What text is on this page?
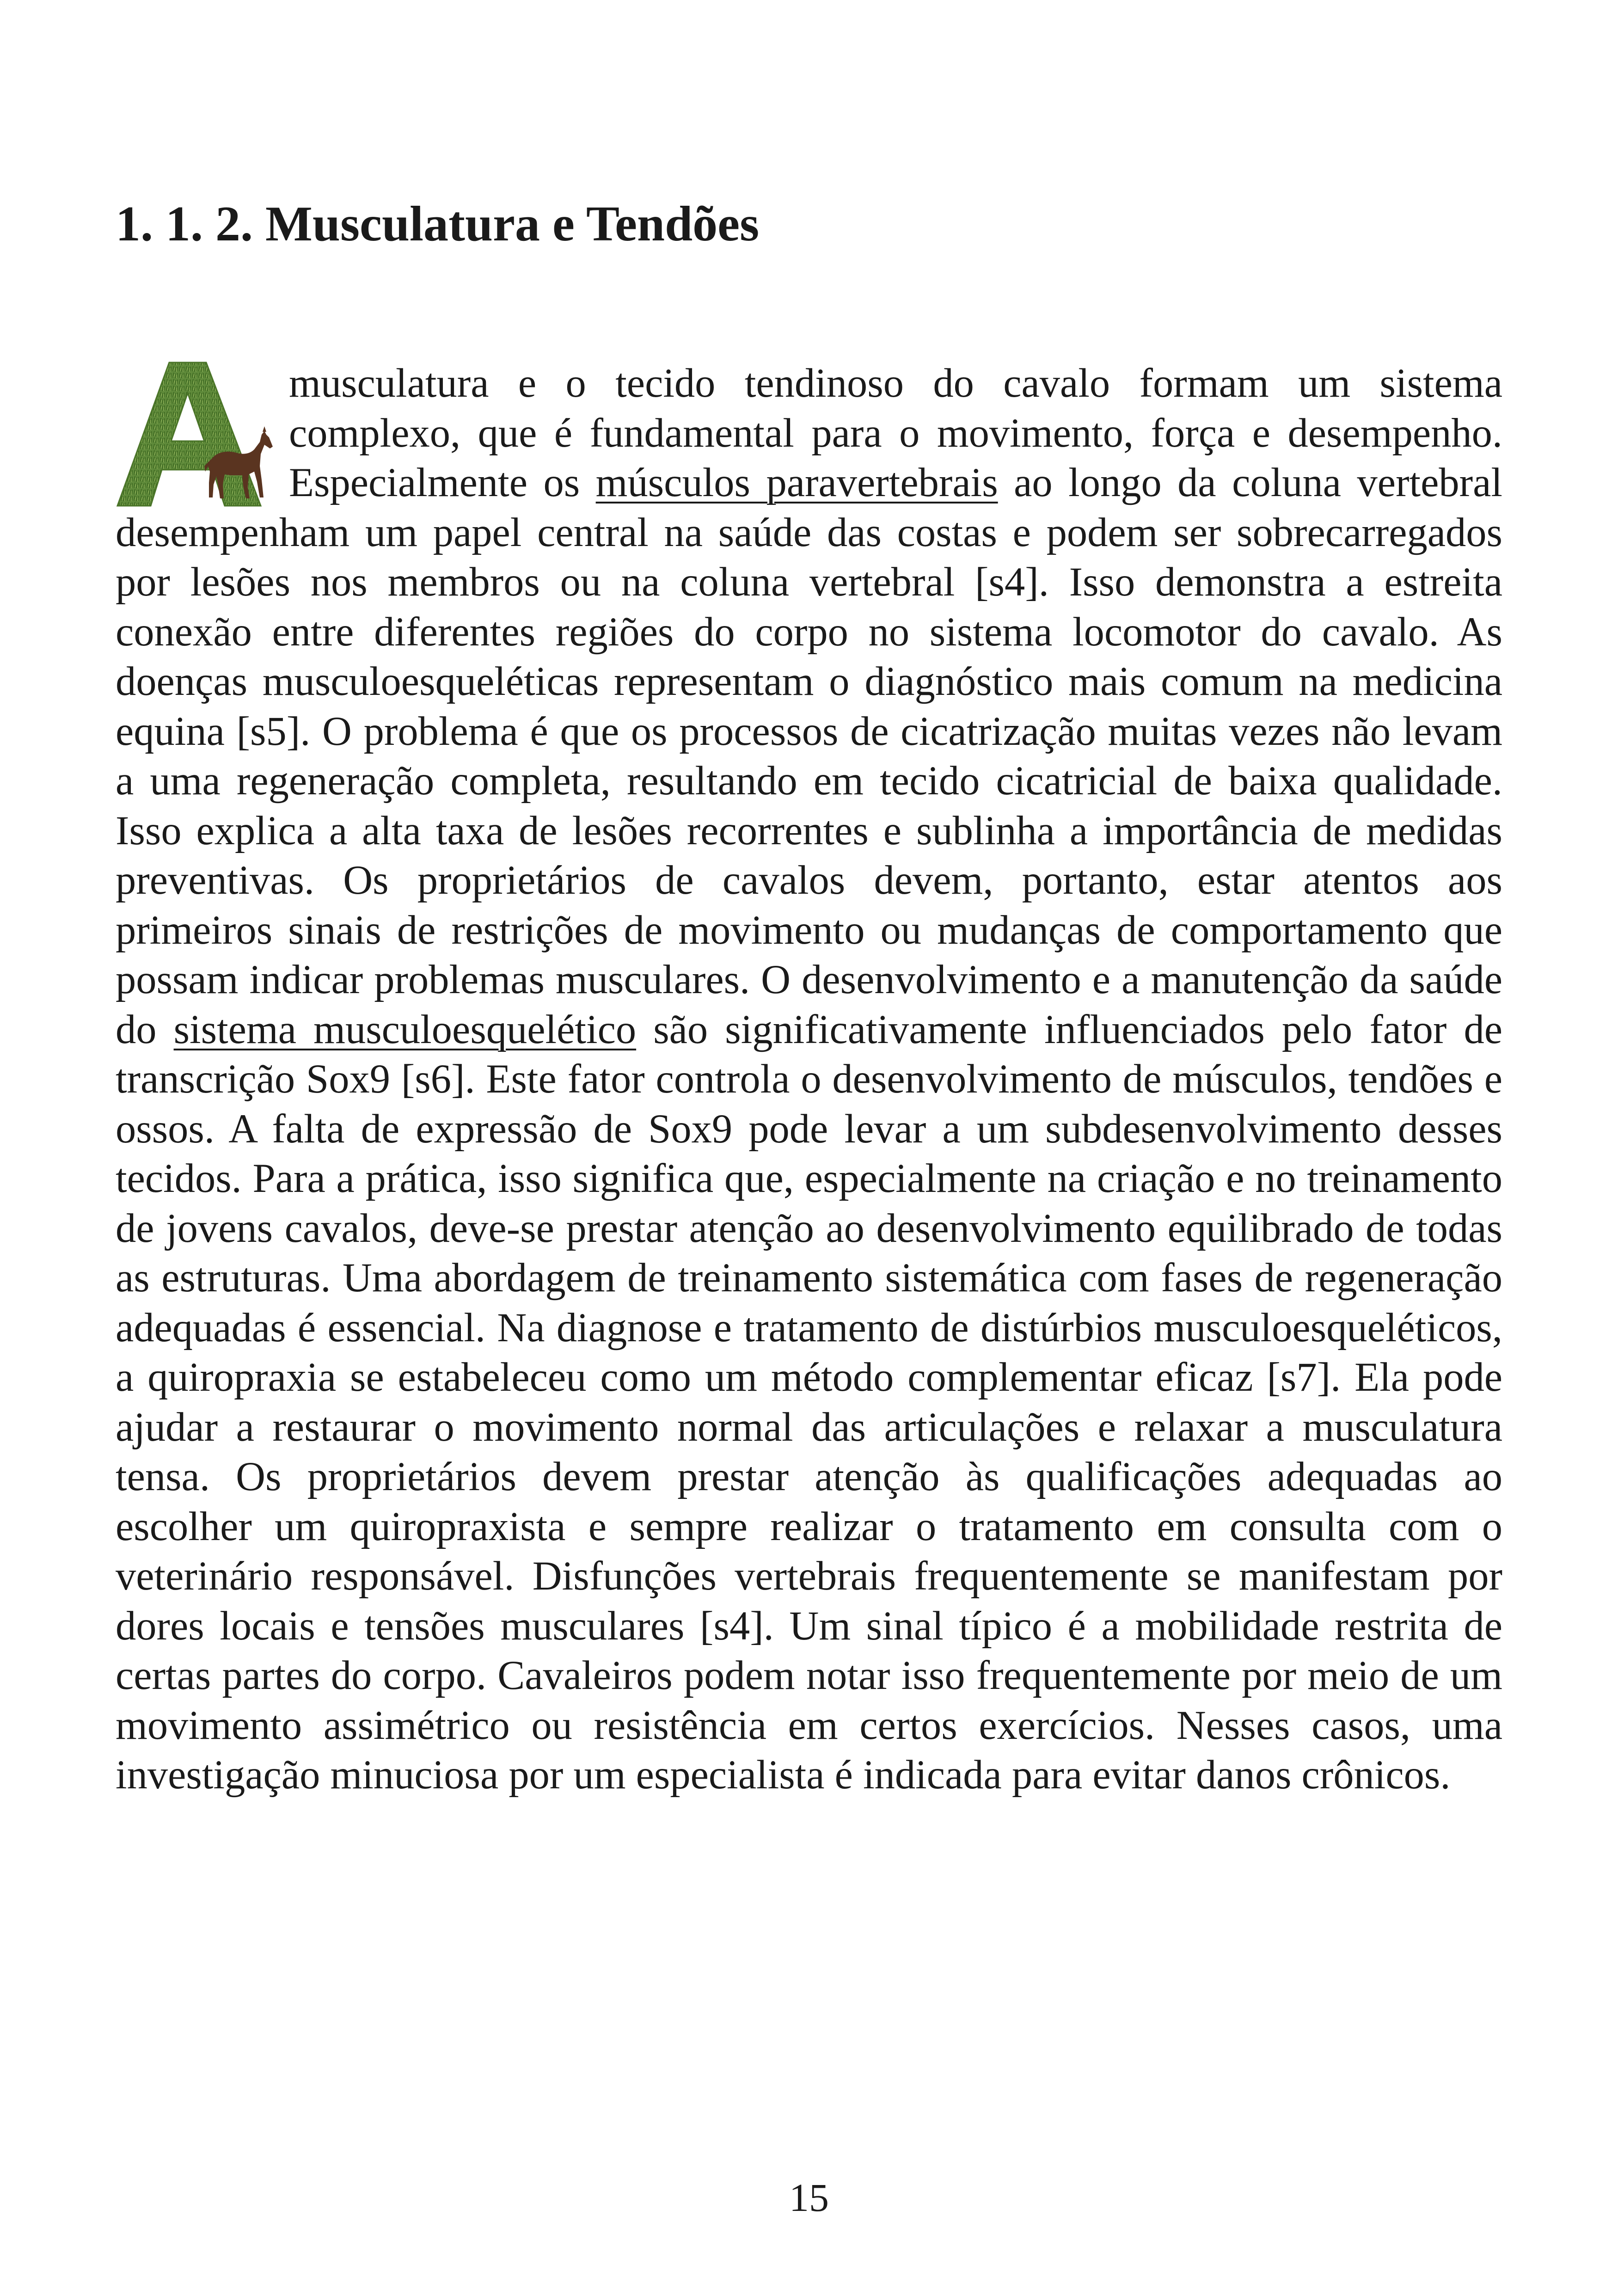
1. 1. 2. Musculatura e Tendões

musculatura e o tecido tendinoso do cavalo formam um sistema complexo, que é fundamental para o movimento, força e desempenho. Especialmente os músculos paravertebrais ao longo da coluna vertebral desempenham um papel central na saúde das costas e podem ser sobrecarregados por lesões nos membros ou na coluna vertebral [s4]. Isso demonstra a estreita conexão entre diferentes regiões do corpo no sistema locomotor do cavalo. As doenças musculoesqueléticas representam o diagnóstico mais comum na medicina equina [s5]. O problema é que os processos de cicatrização muitas vezes não levam a uma regeneração completa, resultando em tecido cicatricial de baixa qualidade. Isso explica a alta taxa de lesões recorrentes e sublinha a importância de medidas preventivas. Os proprietários de cavalos devem, portanto, estar atentos aos primeiros sinais de restrições de movimento ou mudanças de comportamento que possam indicar problemas musculares. O desenvolvimento e a manutenção da saúde do sistema musculoesquelético são significativamente influenciados pelo fator de transcrição Sox9 [s6]. Este fator controla o desenvolvimento de músculos, tendões e ossos. A falta de expressão de Sox9 pode levar a um subdesenvolvimento desses tecidos. Para a prática, isso significa que, especialmente na criação e no treinamento de jovens cavalos, deve-se prestar atenção ao desenvolvimento equilibrado de todas as estruturas. Uma abordagem de treinamento sistemática com fases de regeneração adequadas é essencial. Na diagnose e tratamento de distúrbios musculoesqueléticos, a quiropraxia se estabeleceu como um método complementar eficaz [s7]. Ela pode ajudar a restaurar o movimento normal das articulações e relaxar a musculatura tensa. Os proprietários devem prestar atenção às qualificações adequadas ao escolher um quiropraxista e sempre realizar o tratamento em consulta com o veterinário responsável. Disfunções vertebrais frequentemente se manifestam por dores locais e tensões musculares [s4]. Um sinal típico é a mobilidade restrita de certas partes do corpo. Cavaleiros podem notar isso frequentemente por meio de um movimento assimétrico ou resistência em certos exercícios. Nesses casos, uma investigação minuciosa por um especialista é indicada para evitar danos crônicos.

15
